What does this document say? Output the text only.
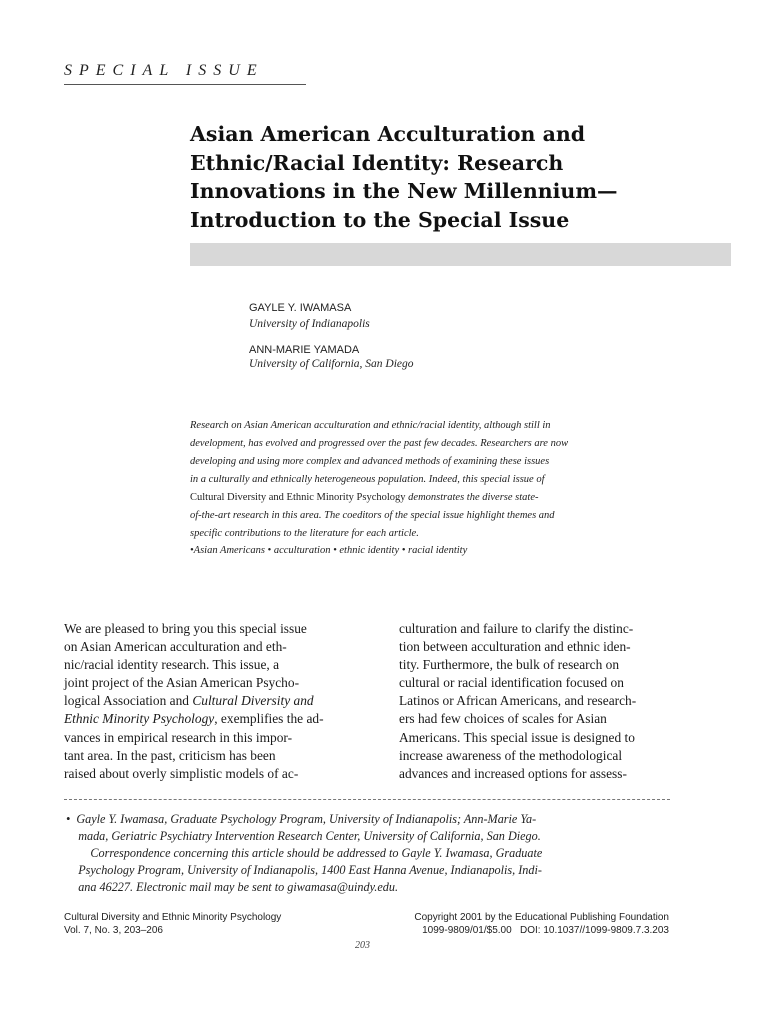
SPECIAL ISSUE
Asian American Acculturation and
Ethnic/Racial Identity: Research
Innovations in the New Millennium—
Introduction to the Special Issue
GAYLE Y. IWAMASA
University of Indianapolis
ANN-MARIE YAMADA
University of California, San Diego
Research on Asian American acculturation and ethnic/racial identity, although still in
development, has evolved and progressed over the past few decades. Researchers are now
developing and using more complex and advanced methods of examining these issues
in a culturally and ethnically heterogeneous population. Indeed, this special issue of
Cultural Diversity and Ethnic Minority Psychology demonstrates the diverse state-
of-the-art research in this area. The coeditors of the special issue highlight themes and
specific contributions to the literature for each article.
•Asian Americans • acculturation • ethnic identity • racial identity
We are pleased to bring you this special issue
on Asian American acculturation and eth-
nic/racial identity research. This issue, a
joint project of the Asian American Psycho-
logical Association and Cultural Diversity and
Ethnic Minority Psychology, exemplifies the ad-
vances in empirical research in this impor-
tant area. In the past, criticism has been
raised about overly simplistic models of ac-
culturation and failure to clarify the distinc-
tion between acculturation and ethnic iden-
tity. Furthermore, the bulk of research on
cultural or racial identification focused on
Latinos or African Americans, and research-
ers had few choices of scales for Asian
Americans. This special issue is designed to
increase awareness of the methodological
advances and increased options for assess-
•  Gayle Y. Iwamasa, Graduate Psychology Program, University of Indianapolis; Ann-Marie Ya-
mada, Geriatric Psychiatry Intervention Research Center, University of California, San Diego.
Correspondence concerning this article should be addressed to Gayle Y. Iwamasa, Graduate
Psychology Program, University of Indianapolis, 1400 East Hanna Avenue, Indianapolis, Indi-
ana 46227. Electronic mail may be sent to giwamasa@uindy.edu.
Cultural Diversity and Ethnic Minority Psychology
Vol. 7, No. 3, 203–206
Copyright 2001 by the Educational Publishing Foundation
1099-9809/01/$5.00   DOI: 10.1037//1099-9809.7.3.203
203
